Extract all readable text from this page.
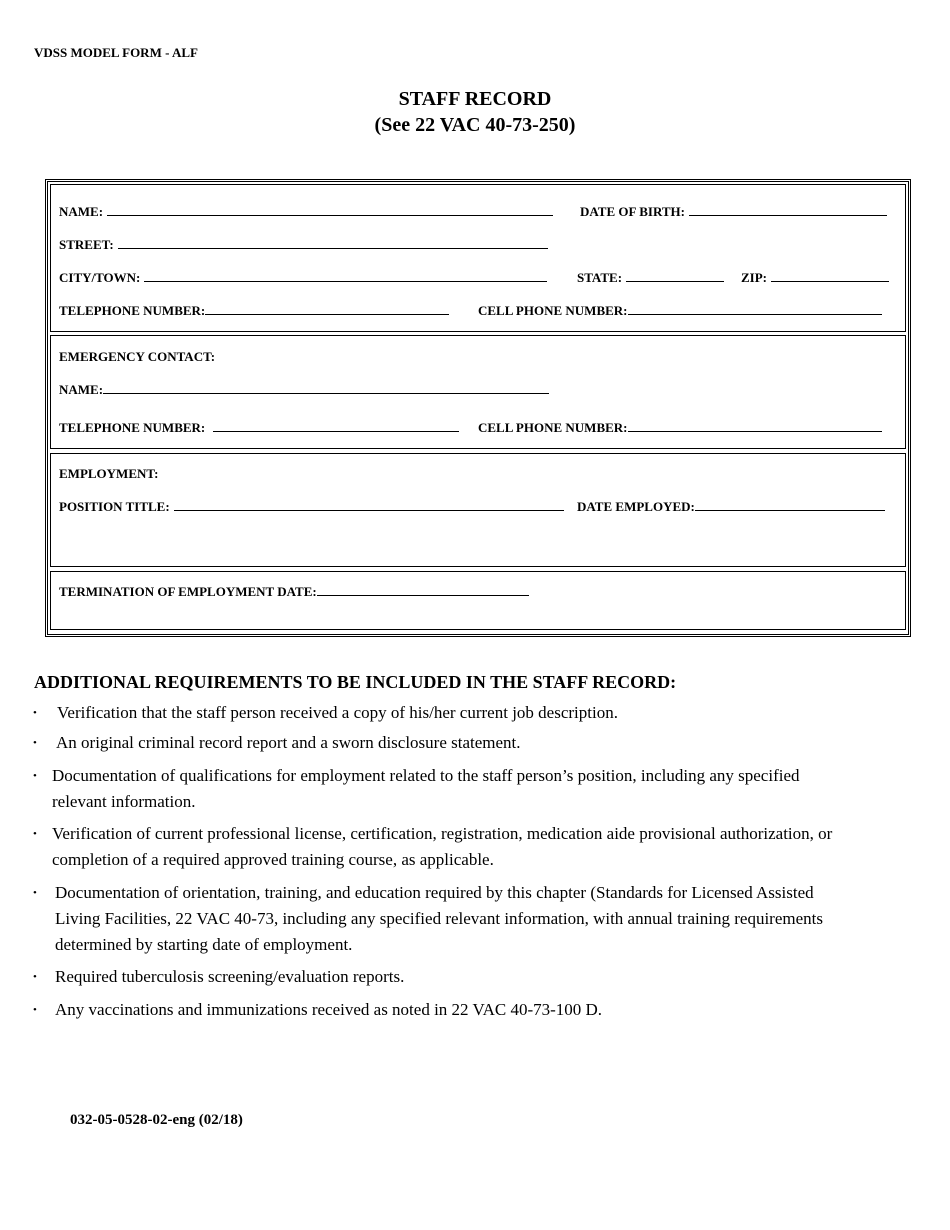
VDSS MODEL FORM - ALF
STAFF RECORD
(See 22 VAC 40-73-250)
NAME:	DATE OF BIRTH:
STREET:
CITY/TOWN:	STATE:	ZIP:
TELEPHONE NUMBER:	CELL PHONE NUMBER:
EMERGENCY CONTACT:
NAME:
TELEPHONE NUMBER:	CELL PHONE NUMBER:
EMPLOYMENT:
POSITION TITLE:	DATE EMPLOYED:
TERMINATION OF EMPLOYMENT DATE:
ADDITIONAL REQUIREMENTS TO BE INCLUDED IN THE STAFF RECORD:
• Verification that the staff person received a copy of his/her current job description.
• An original criminal record report and a sworn disclosure statement.
• Documentation of qualifications for employment related to the staff person’s position, including any specified
relevant information.
• Verification of current professional license, certification, registration, medication aide provisional authorization, or
completion of a required approved training course, as applicable.
• Documentation of orientation, training, and education required by this chapter (Standards for Licensed Assisted
Living Facilities, 22 VAC 40-73, including any specified relevant information, with annual training requirements
determined by starting date of employment.
• Required tuberculosis screening/evaluation reports.
• Any vaccinations and immunizations received as noted in 22 VAC 40-73-100 D.
032-05-0528-02-eng (02/18)
